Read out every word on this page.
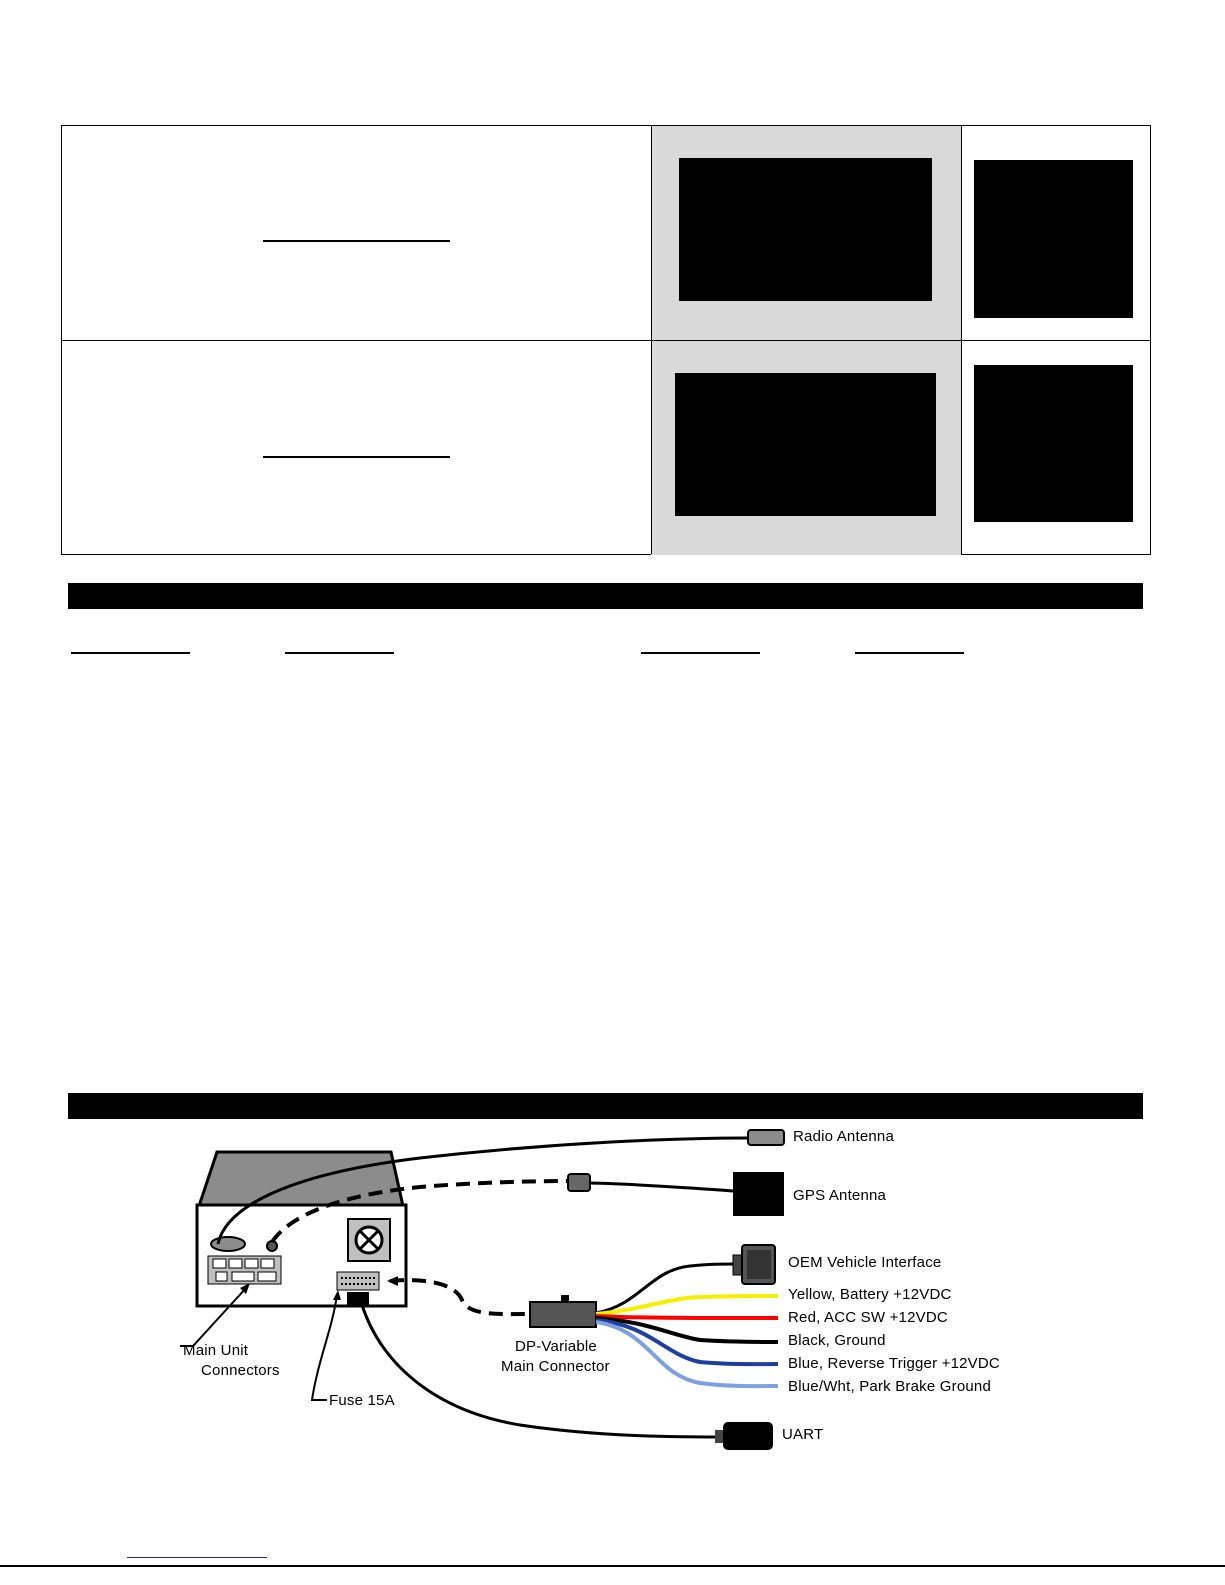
Radio Antenna
GPS Antenna
OEM Vehicle Interface
Yellow, Battery +12VDC
Red, ACC SW +12VDC
Black, Ground
Blue, Reverse Trigger +12VDC
Blue/Wht, Park Brake Ground
UART
DP-Variable
Main Connector
Main Unit
Connectors
Fuse 15A
